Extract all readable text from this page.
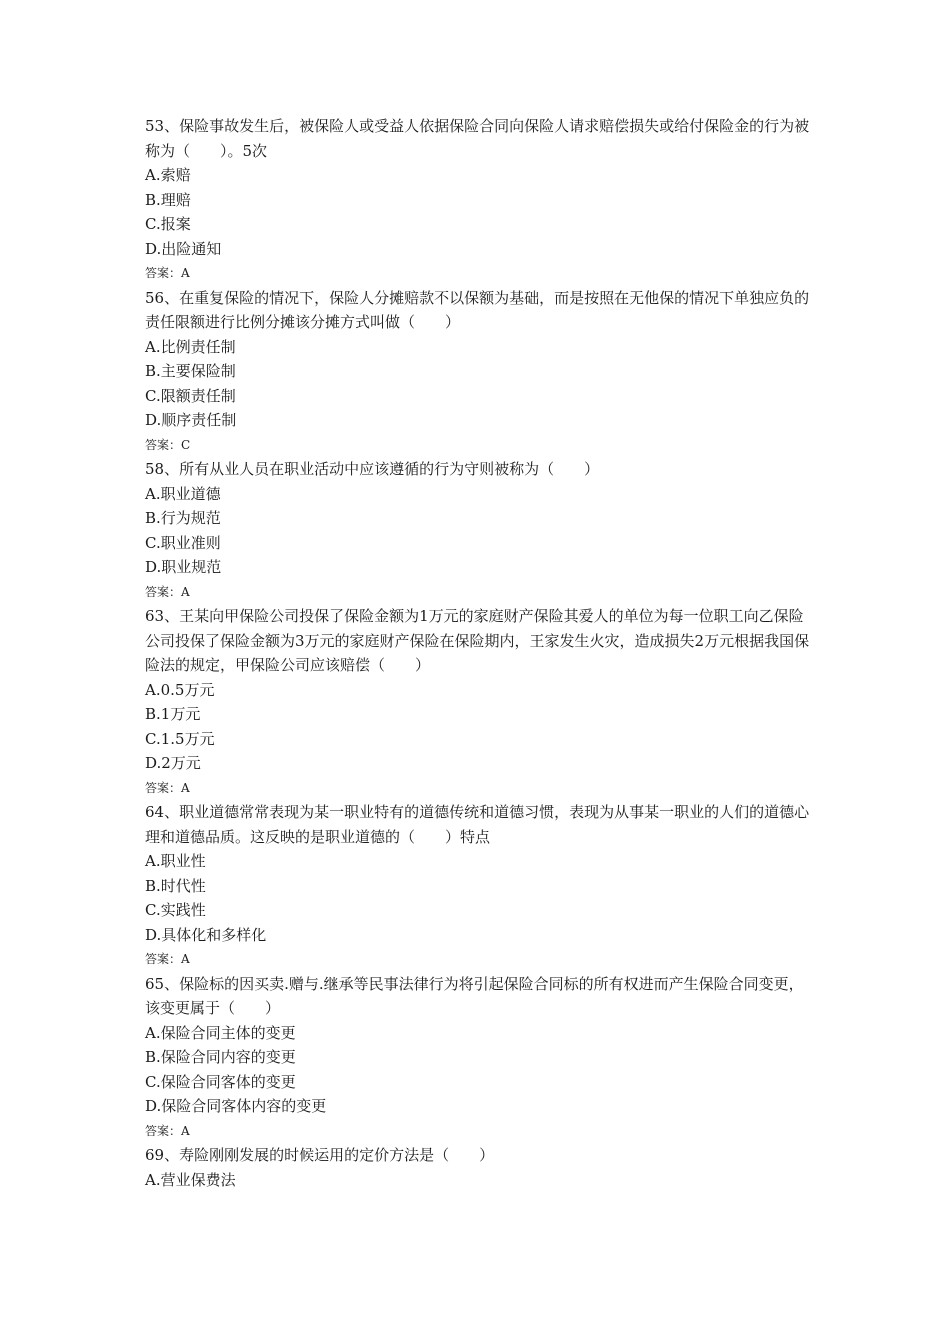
53、保险事故发生后，被保险人或受益人依据保险合同向保险人请求赔偿损失或给付保险金的行为被称为（　　）。5次

A.索赔

B.理赔

C.报案

D.出险通知

答案：A

56、在重复保险的情况下，保险人分摊赔款不以保额为基础，而是按照在无他保的情况下单独应负的责任限额进行比例分摊该分摊方式叫做（　　）

A.比例责任制

B.主要保险制

C.限额责任制

D.顺序责任制

答案：C

58、所有从业人员在职业活动中应该遵循的行为守则被称为（　　）

A.职业道德

B.行为规范

C.职业准则

D.职业规范

答案：A

63、王某向甲保险公司投保了保险金额为1万元的家庭财产保险其爱人的单位为每一位职工向乙保险公司投保了保险金额为3万元的家庭财产保险在保险期内，王家发生火灾，造成损失2万元根据我国保险法的规定，甲保险公司应该赔偿（　　）

A.0.5万元

B.1万元

C.1.5万元

D.2万元

答案：A

64、职业道德常常表现为某一职业特有的道德传统和道德习惯，表现为从事某一职业的人们的道德心理和道德品质。这反映的是职业道德的（　　）特点

A.职业性

B.时代性

C.实践性

D.具体化和多样化

答案：A

65、保险标的因买卖.赠与.继承等民事法律行为将引起保险合同标的所有权进而产生保险合同变更，该变更属于（　　）

A.保险合同主体的变更

B.保险合同内容的变更

C.保险合同客体的变更

D.保险合同客体内容的变更

答案：A

69、寿险刚刚发展的时候运用的定价方法是（　　）

A.营业保费法
